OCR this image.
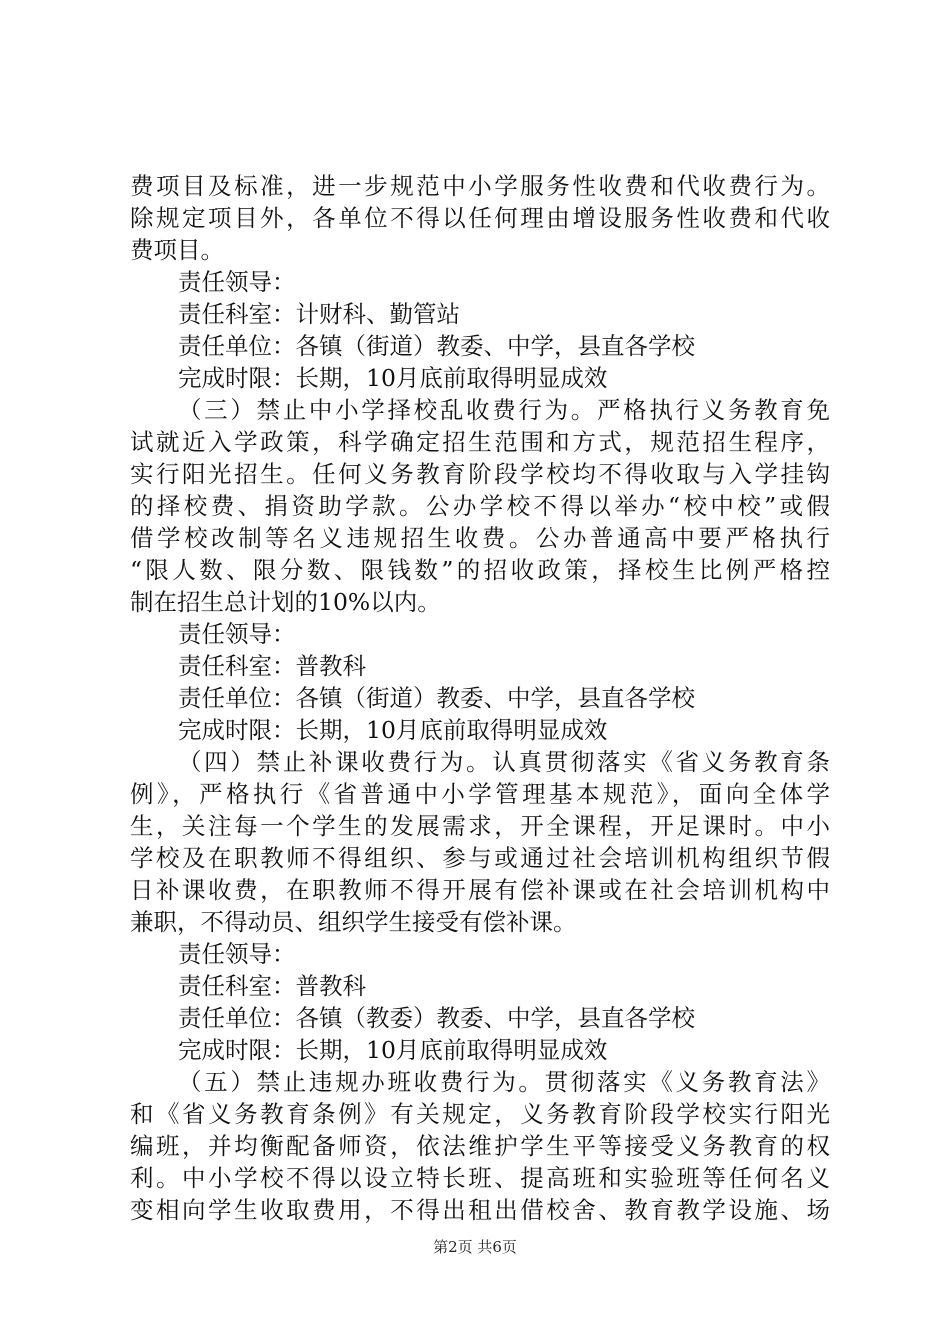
费项目及标准，进一步规范中小学服务性收费和代收费行为。
除规定项目外，各单位不得以任何理由增设服务性收费和代收
费项目。
责任领导：
责任科室：计财科、勤管站
责任单位：各镇（街道）教委、中学，县直各学校
完成时限：长期，10月底前取得明显成效
（三）禁止中小学择校乱收费行为。严格执行义务教育免
试就近入学政策，科学确定招生范围和方式，规范招生程序，
实行阳光招生。任何义务教育阶段学校均不得收取与入学挂钩
的择校费、捐资助学款。公办学校不得以举办“校中校”或假
借学校改制等名义违规招生收费。公办普通高中要严格执行
“限人数、限分数、限钱数”的招收政策，择校生比例严格控
制在招生总计划的10%以内。
责任领导：
责任科室：普教科
责任单位：各镇（街道）教委、中学，县直各学校
完成时限：长期，10月底前取得明显成效
（四）禁止补课收费行为。认真贯彻落实《省义务教育条
例》，严格执行《省普通中小学管理基本规范》，面向全体学
生，关注每一个学生的发展需求，开全课程，开足课时。中小
学校及在职教师不得组织、参与或通过社会培训机构组织节假
日补课收费，在职教师不得开展有偿补课或在社会培训机构中
兼职，不得动员、组织学生接受有偿补课。
责任领导：
责任科室：普教科
责任单位：各镇（教委）教委、中学，县直各学校
完成时限：长期，10月底前取得明显成效
（五）禁止违规办班收费行为。贯彻落实《义务教育法》
和《省义务教育条例》有关规定，义务教育阶段学校实行阳光
编班，并均衡配备师资，依法维护学生平等接受义务教育的权
利。中小学校不得以设立特长班、提高班和实验班等任何名义
变相向学生收取费用，不得出租出借校舍、教育教学设施、场
第2页 共6页
